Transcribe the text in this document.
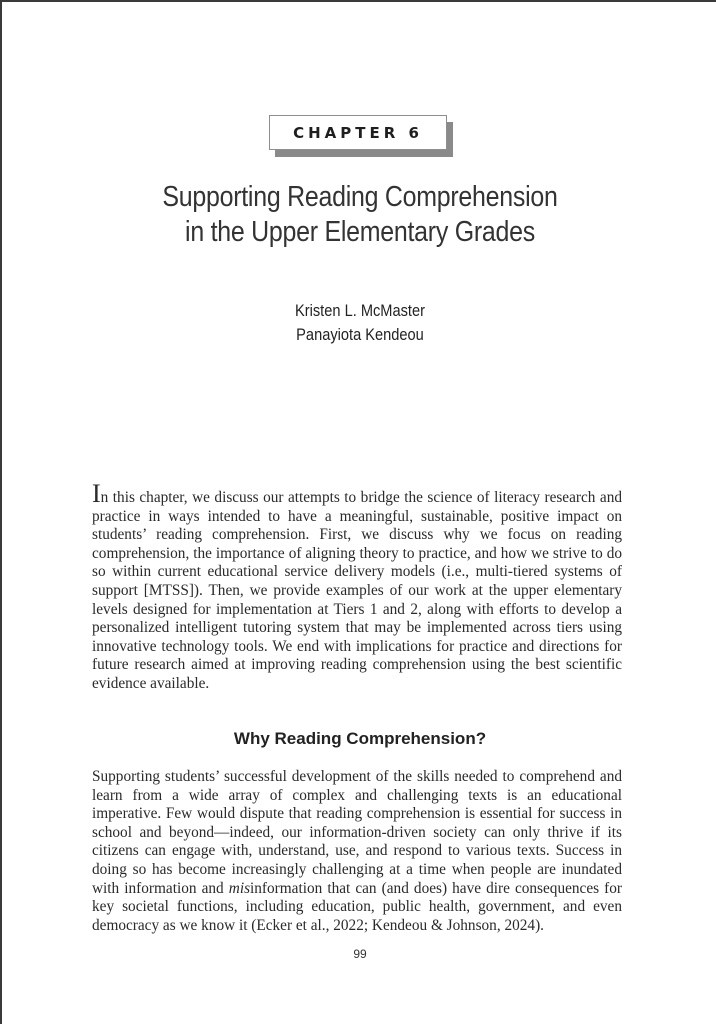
CHAPTER 6
Supporting Reading Comprehension
in the Upper Elementary Grades
Kristen L. McMaster
Panayiota Kendeou

In this chapter, we discuss our attempts to bridge the science of literacy research and practice in ways intended to have a meaningful, sustainable, positive impact on students’ reading comprehension. First, we discuss why we focus on reading comprehension, the importance of aligning theory to practice, and how we strive to do so within current educational service delivery models (i.e., multi-tiered systems of support [MTSS]). Then, we provide examples of our work at the upper elementary levels designed for implementation at Tiers 1 and 2, along with efforts to develop a personalized intelligent tutoring system that may be implemented across tiers using innovative technology tools. We end with implications for practice and directions for future research aimed at improving reading comprehension using the best scientific evidence available.

Why Reading Comprehension?

Supporting students’ successful development of the skills needed to comprehend and learn from a wide array of complex and challenging texts is an educational imperative. Few would dispute that reading comprehension is essential for success in school and beyond—indeed, our information-driven society can only thrive if its citizens can engage with, understand, use, and respond to various texts. Success in doing so has become increasingly challenging at a time when people are inundated with information and misinformation that can (and does) have dire consequences for key societal functions, including education, public health, government, and even democracy as we know it (Ecker et al., 2022; Kendeou & Johnson, 2024).

99
